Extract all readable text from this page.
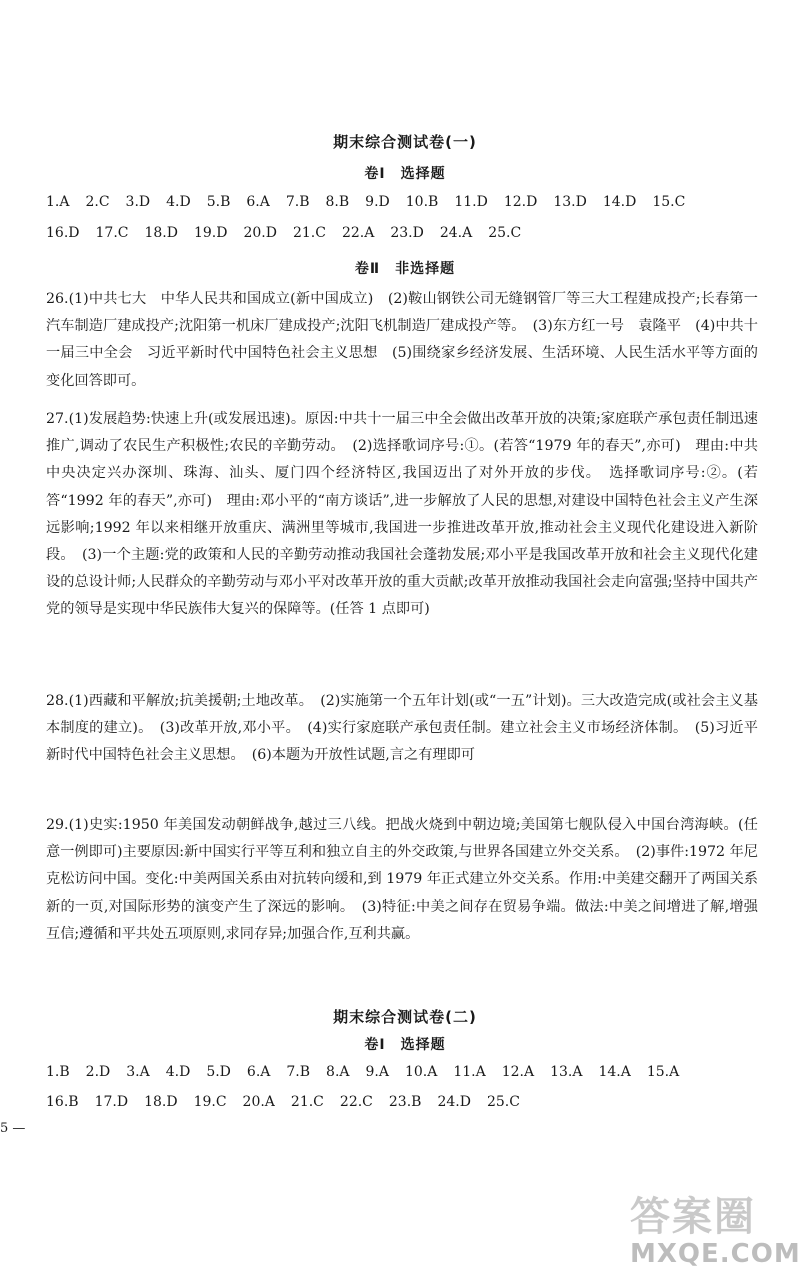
期末综合测试卷(一)
卷Ⅰ　选择题
1.A 2.C 3.D 4.D 5.B 6.A 7.B 8.B 9.D 10.B 11.D 12.D 13.D 14.D 15.C
16.D 17.C 18.D 19.D 20.D 21.C 22.A 23.D 24.A 25.C
卷Ⅱ　非选择题
26.(1)中共七大　中华人民共和国成立(新中国成立)　(2)鞍山钢铁公司无缝钢管厂等三大工程建成投产;长春第一汽车制造厂建成投产;沈阳第一机床厂建成投产;沈阳飞机制造厂建成投产等。　(3)东方红一号　袁隆平　(4)中共十一届三中全会　习近平新时代中国特色社会主义思想　(5)围绕家乡经济发展、生活环境、人民生活水平等方面的变化回答即可。
27.(1)发展趋势:快速上升(或发展迅速)。原因:中共十一届三中全会做出改革开放的决策;家庭联产承包责任制迅速推广,调动了农民生产积极性;农民的辛勤劳动。　(2)选择歌词序号:①。(若答“1979 年的春天”,亦可)　理由:中共中央决定兴办深圳、珠海、汕头、厦门四个经济特区,我国迈出了对外开放的步伐。　选择歌词序号:②。(若答“1992 年的春天”,亦可)　理由:邓小平的“南方谈话”,进一步解放了人民的思想,对建设中国特色社会主义产生深远影响;1992 年以来相继开放重庆、满洲里等城市,我国进一步推进改革开放,推动社会主义现代化建设进入新阶段。　(3)一个主题:党的政策和人民的辛勤劳动推动我国社会蓬勃发展;邓小平是我国改革开放和社会主义现代化建设的总设计师;人民群众的辛勤劳动与邓小平对改革开放的重大贡献;改革开放推动我国社会走向富强;坚持中国共产党的领导是实现中华民族伟大复兴的保障等。(任答 1 点即可)
28.(1)西藏和平解放;抗美援朝;土地改革。　(2)实施第一个五年计划(或“一五”计划)。三大改造完成(或社会主义基本制度的建立)。　(3)改革开放,邓小平。　(4)实行家庭联产承包责任制。建立社会主义市场经济体制。　(5)习近平新时代中国特色社会主义思想。　(6)本题为开放性试题,言之有理即可
29.(1)史实:1950 年美国发动朝鲜战争,越过三八线。把战火烧到中朝边境;美国第七舰队侵入中国台湾海峡。(任意一例即可)主要原因:新中国实行平等互利和独立自主的外交政策,与世界各国建立外交关系。　(2)事件:1972 年尼克松访问中国。变化:中美两国关系由对抗转向缓和,到 1979 年正式建立外交关系。作用:中美建交翻开了两国关系新的一页,对国际形势的演变产生了深远的影响。　(3)特征:中美之间存在贸易争端。做法:中美之间增进了解,增强互信;遵循和平共处五项原则,求同存异;加强合作,互利共赢。
期末综合测试卷(二)
卷Ⅰ　选择题
1.B 2.D 3.A 4.D 5.D 6.A 7.B 8.A 9.A 10.A 11.A 12.A 13.A 14.A 15.A
16.B 17.D 18.D 19.C 20.A 21.C 22.C 23.B 24.D 25.C
5 —
答案圈
MXQE.COM
